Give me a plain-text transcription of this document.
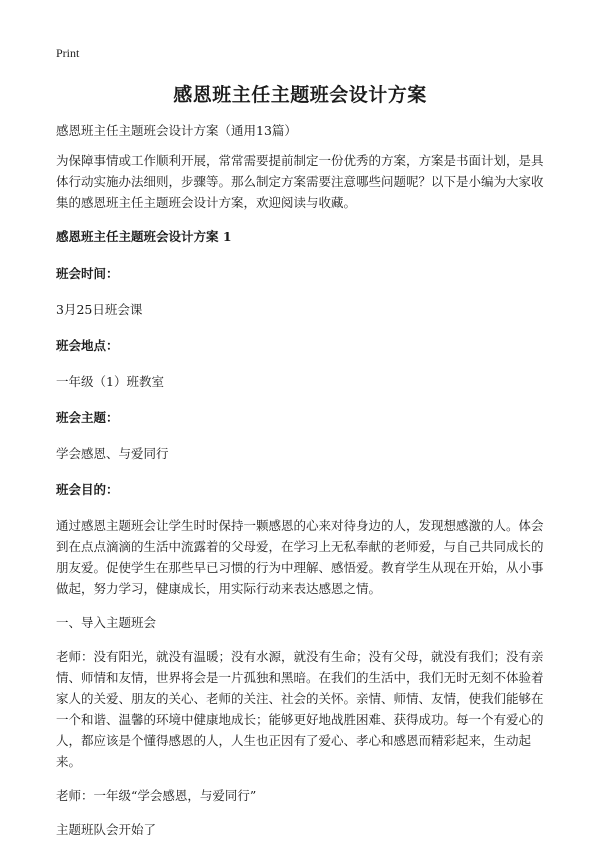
Print
感恩班主任主题班会设计方案

感恩班主任主题班会设计方案（通用13篇）

为保障事情或工作顺利开展，常常需要提前制定一份优秀的方案，方案是书面计划，是具体行动实施办法细则，步骤等。那么制定方案需要注意哪些问题呢？以下是小编为大家收集的感恩班主任主题班会设计方案，欢迎阅读与收藏。

感恩班主任主题班会设计方案 1

班会时间：

3月25日班会课

班会地点：

一年级（1）班教室

班会主题：

学会感恩、与爱同行

班会目的：

通过感恩主题班会让学生时时保持一颗感恩的心来对待身边的人，发现想感激的人。体会到在点点滴滴的生活中流露着的父母爱，在学习上无私奉献的老师爱，与自己共同成长的朋友爱。促使学生在那些早已习惯的行为中理解、感悟爱。教育学生从现在开始，从小事做起，努力学习，健康成长，用实际行动来表达感恩之情。

一、导入主题班会

老师：没有阳光，就没有温暖；没有水源，就没有生命；没有父母，就没有我们；没有亲情、师情和友情，世界将会是一片孤独和黑暗。在我们的生活中，我们无时无刻不体验着家人的关爱、朋友的关心、老师的关注、社会的关怀。亲情、师情、友情，使我们能够在一个和谐、温馨的环境中健康地成长；能够更好地战胜困难、获得成功。每一个有爱心的人，都应该是个懂得感恩的人，人生也正因有了爱心、孝心和感恩而精彩起来，生动起来。

老师：一年级“学会感恩，与爱同行”

主题班队会开始了
